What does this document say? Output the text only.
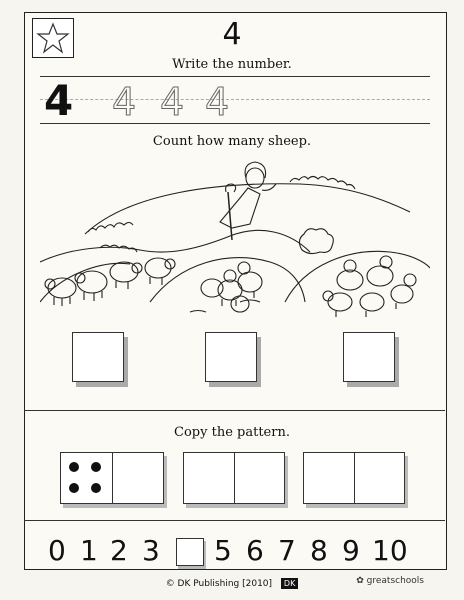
4
Write the number.
4 4 4 4
Count how many sheep.
Copy the pattern.
0 1 2 3 5 6 7 8 9 10
© DK Publishing [2010] DK	✿ greatschools
